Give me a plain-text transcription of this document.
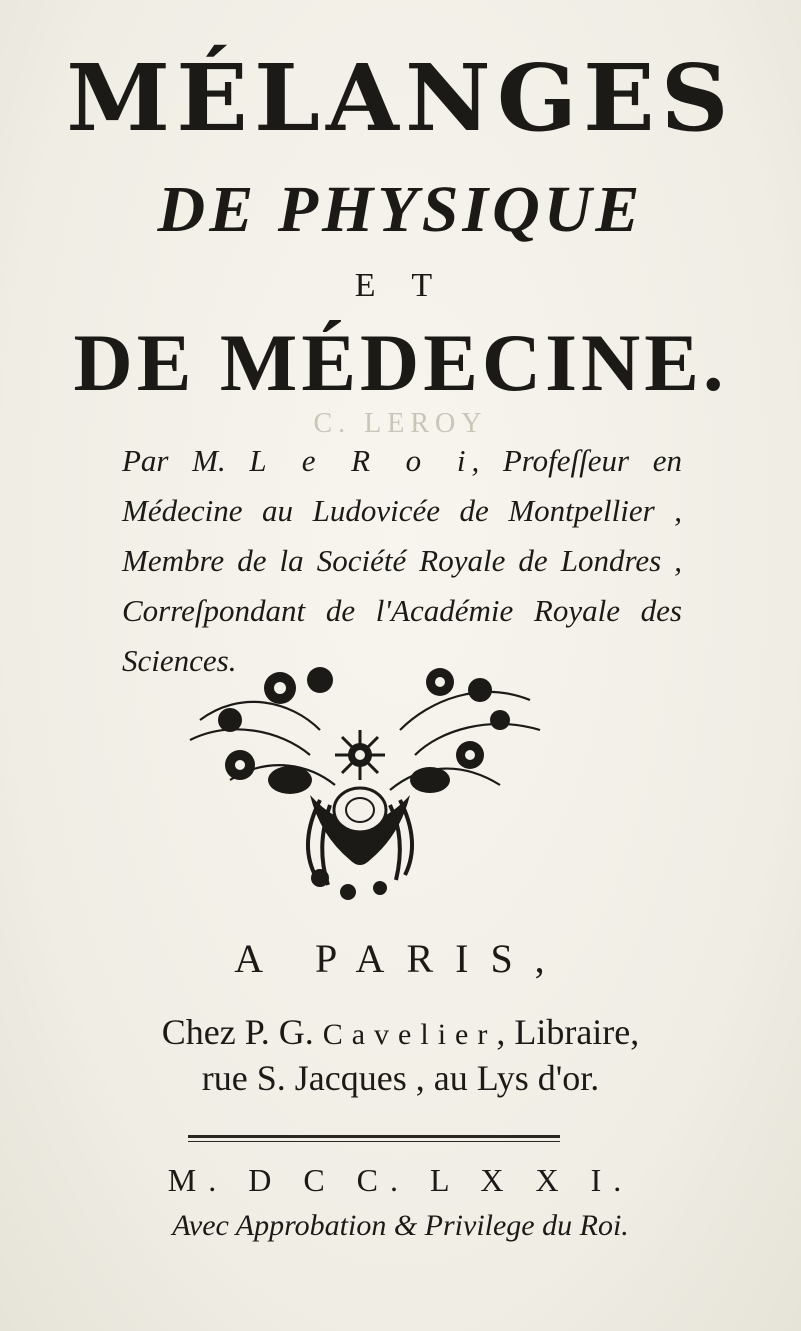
MÉLANGES
DE PHYSIQUE
E T
DE MÉDECINE.
C. LEROY
Par M. L e R o i, Profeſſeur en Médecine au Ludovicée de Montpellier , Membre de la Société Royale de Londres , Correſpondant de l'Académie Royale des Sciences.
A PARIS,
Chez P. G. Cavelier, Libraire,
rue S. Jacques , au Lys d'or.
M. D C C. L X X I.
Avec Approbation & Privilege du Roi.
